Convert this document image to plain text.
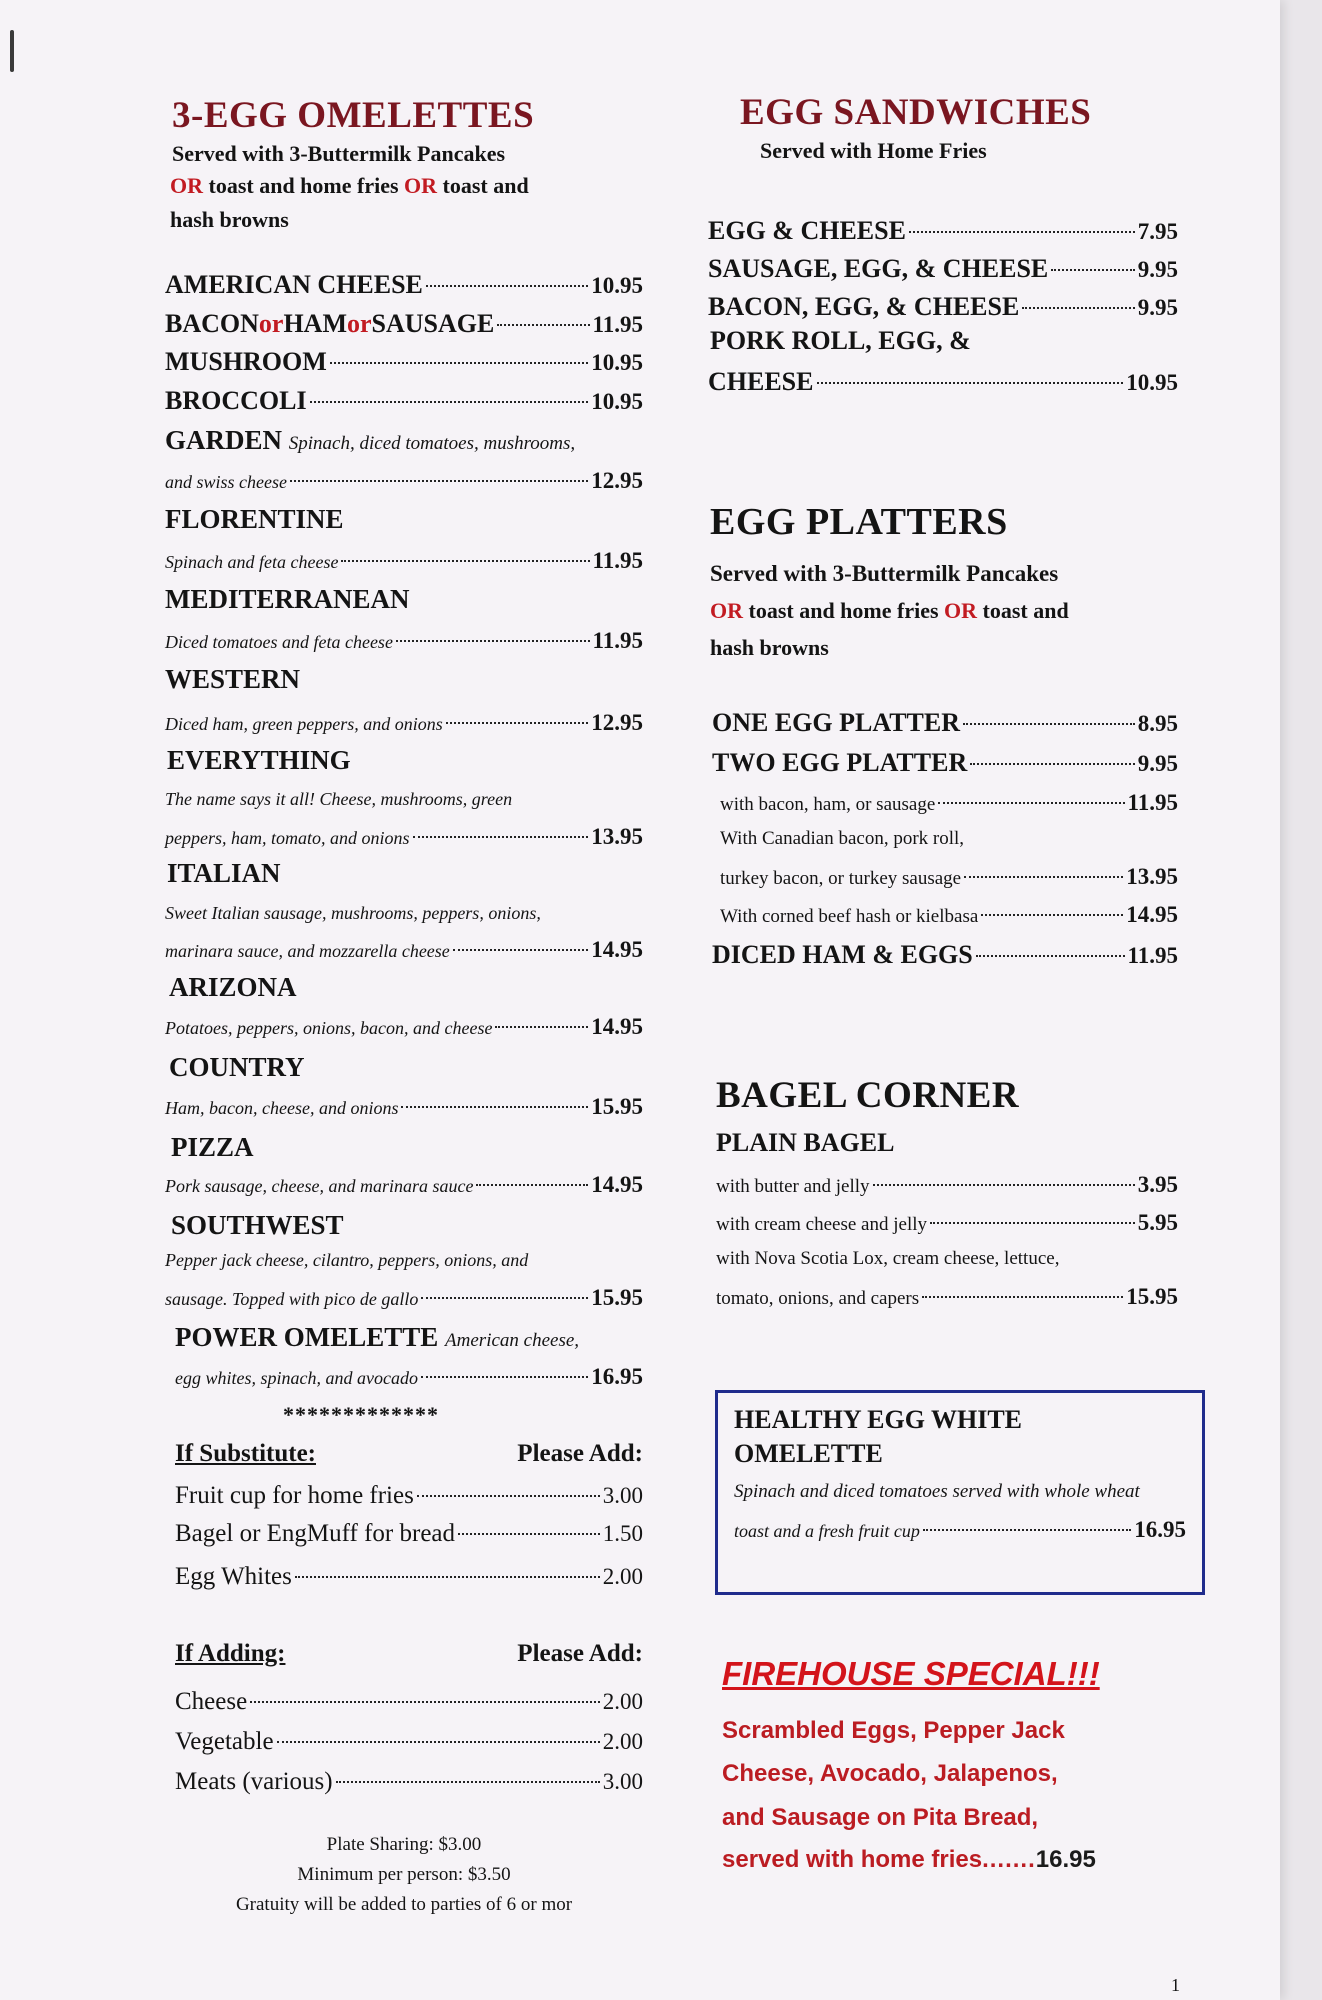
3-EGG OMELETTES
Served with 3-Buttermilk Pancakes
OR toast and home fries OR toast and
hash browns
AMERICAN CHEESE	10.95
BACONorHAMorSAUSAGE	11.95
MUSHROOM	10.95
BROCCOLI	10.95
GARDEN Spinach, diced tomatoes, mushrooms,
and swiss cheese	12.95
FLORENTINE
Spinach and feta cheese	11.95
MEDITERRANEAN
Diced tomatoes and feta cheese	11.95
WESTERN
Diced ham, green peppers, and onions	12.95
EVERYTHING
The name says it all! Cheese, mushrooms, green
peppers, ham, tomato, and onions	13.95
ITALIAN
Sweet Italian sausage, mushrooms, peppers, onions,
marinara sauce, and mozzarella cheese	14.95
ARIZONA
Potatoes, peppers, onions, bacon, and cheese	14.95
COUNTRY
Ham, bacon, cheese, and onions	15.95
PIZZA
Pork sausage, cheese, and marinara sauce	14.95
SOUTHWEST
Pepper jack cheese, cilantro, peppers, onions, and
sausage. Topped with pico de gallo	15.95
POWER OMELETTE American cheese,
egg whites, spinach, and avocado	16.95
*************
If Substitute:	Please Add:
Fruit cup for home fries	3.00
Bagel or EngMuff for bread	1.50
Egg Whites	2.00
If Adding:	Please Add:
Cheese	2.00
Vegetable	2.00
Meats (various)	3.00
Plate Sharing: $3.00
Minimum per person: $3.50
Gratuity will be added to parties of 6 or mor
EGG SANDWICHES
Served with Home Fries
EGG & CHEESE	7.95
SAUSAGE, EGG, & CHEESE	9.95
BACON, EGG, & CHEESE	9.95
PORK ROLL, EGG, &
CHEESE	10.95
EGG PLATTERS
Served with 3-Buttermilk Pancakes
OR toast and home fries OR toast and
hash browns
ONE EGG PLATTER	8.95
TWO EGG PLATTER	9.95
with bacon, ham, or sausage	11.95
With Canadian bacon, pork roll,
turkey bacon, or turkey sausage	13.95
With corned beef hash or kielbasa	14.95
DICED HAM & EGGS	11.95
BAGEL CORNER
PLAIN BAGEL
with butter and jelly	3.95
with cream cheese and jelly	5.95
with Nova Scotia Lox, cream cheese, lettuce,
tomato, onions, and capers	15.95
HEALTHY EGG WHITE
OMELETTE
Spinach and diced tomatoes served with whole wheat
toast and a fresh fruit cup	16.95
FIREHOUSE SPECIAL!!!
Scrambled Eggs, Pepper Jack
Cheese, Avocado, Jalapenos,
and Sausage on Pita Bread,
served with home fries.......16.95
1
